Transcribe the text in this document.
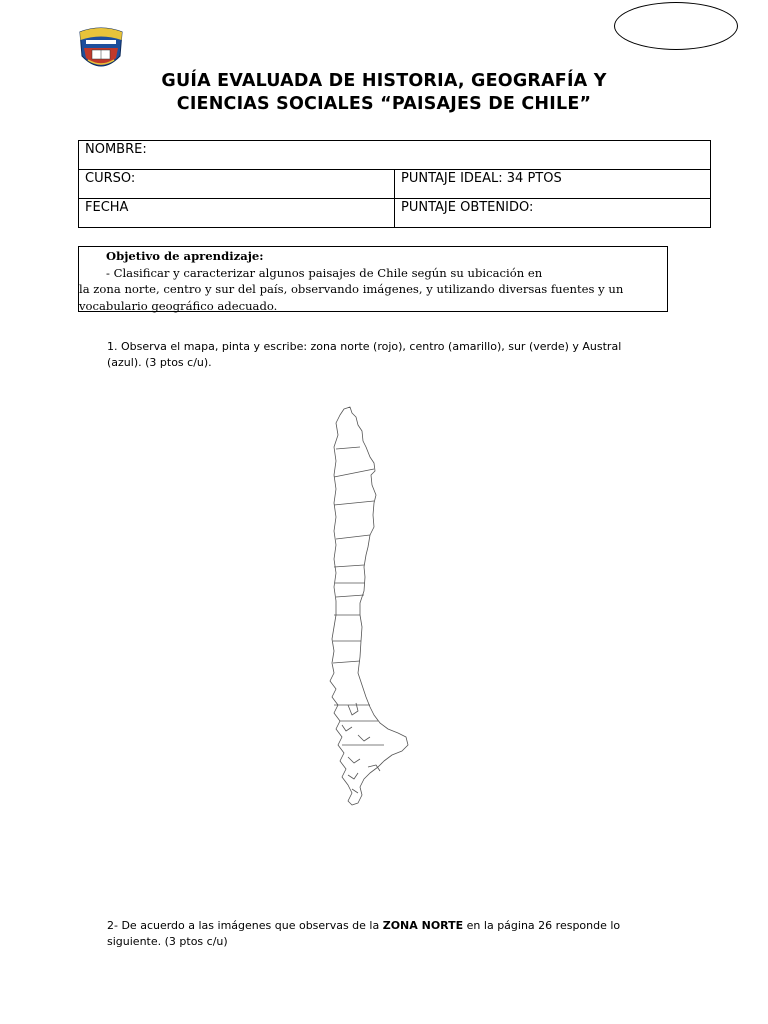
GUÍA EVALUADA DE HISTORIA, GEOGRAFÍA Y
CIENCIAS SOCIALES “PAISAJES DE CHILE”
NOMBRE:	
CURSO:	PUNTAJE IDEAL: 34 PTOS
FECHA	PUNTAJE OBTENIDO:
Objetivo de aprendizaje:
- Clasificar y caracterizar algunos paisajes de Chile según su ubicación en
la zona norte, centro y sur del país, observando imágenes, y utilizando diversas fuentes y un
vocabulario geográfico adecuado.
1. Observa el mapa, pinta y escribe: zona norte (rojo), centro (amarillo), sur (verde) y Austral
(azul). (3 ptos c/u).
2- De acuerdo a las imágenes que observas de la ZONA NORTE en la página 26 responde lo
siguiente. (3 ptos c/u)
